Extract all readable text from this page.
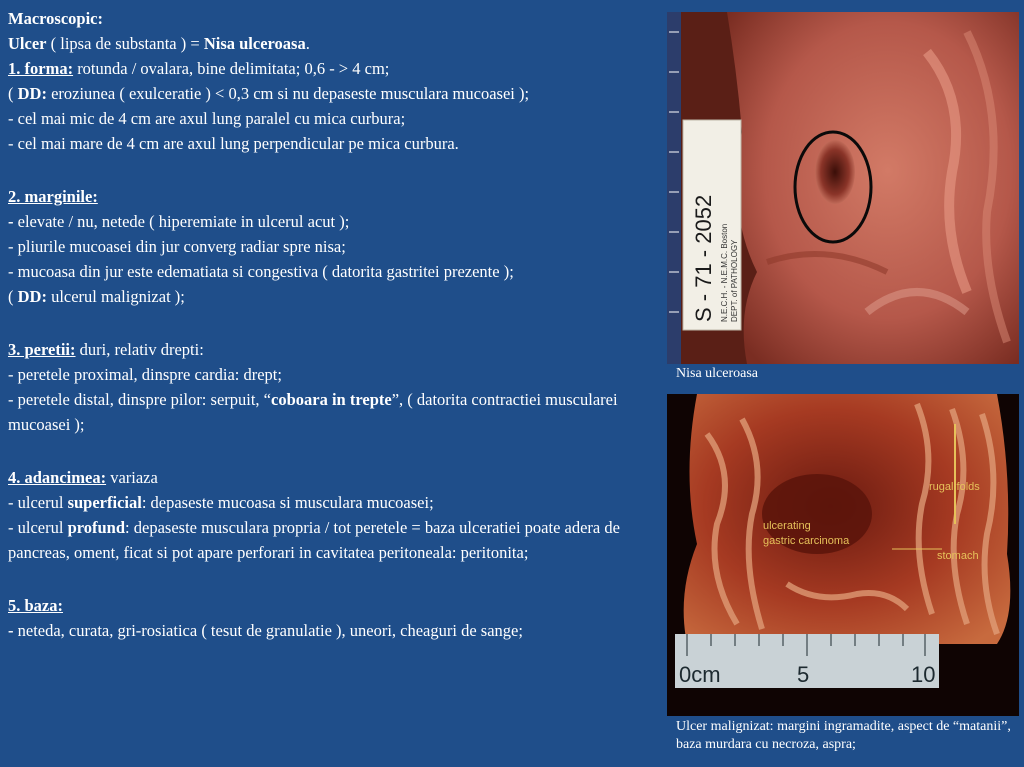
Macroscopic:

Ulcer ( lipsa de substanta ) = Nisa ulceroasa.

1. forma: rotunda / ovalara, bine delimitata; 0,6 - > 4 cm;

( DD: eroziunea ( exulceratie ) < 0,3 cm si nu depaseste musculara mucoasei );

- cel mai mic de 4 cm are axul lung paralel cu mica curbura;

- cel mai mare de 4 cm are axul lung perpendicular pe mica curbura.

2. marginile:

- elevate / nu, netede ( hiperemiate in ulcerul acut );

- pliurile mucoasei din jur converg radiar spre nisa;

- mucoasa din jur este edematiata si congestiva ( datorita gastritei prezente );

( DD: ulcerul malignizat );

3. peretii: duri, relativ drepti:

- peretele proximal, dinspre cardia: drept;

- peretele distal, dinspre pilor: serpuit, “coboara in trepte”, ( datorita contractiei muscularei mucoasei );

4. adancimea: variaza

- ulcerul superficial: depaseste mucoasa si musculara mucoasei;

- ulcerul profund: depaseste musculara propria / tot peretele = baza ulceratiei poate adera de pancreas, oment, ficat si pot apare perforari in cavitatea peritoneala: peritonita;

5. baza:

- neteda, curata, gri-rosiatica ( tesut de granulatie ), uneori, cheaguri de sange;

S - 71 - 2052 N.E.C.H. - N.E.M.C. Boston DEPT. of PATHOLOGY
Nisa ulceroasa
rugal folds
ulcerating
gastric carcinoma
stomach
0cm	5	10
Ulcer malignizat: margini ingramadite, aspect de “matanii”, baza murdara cu necroza, aspra;
